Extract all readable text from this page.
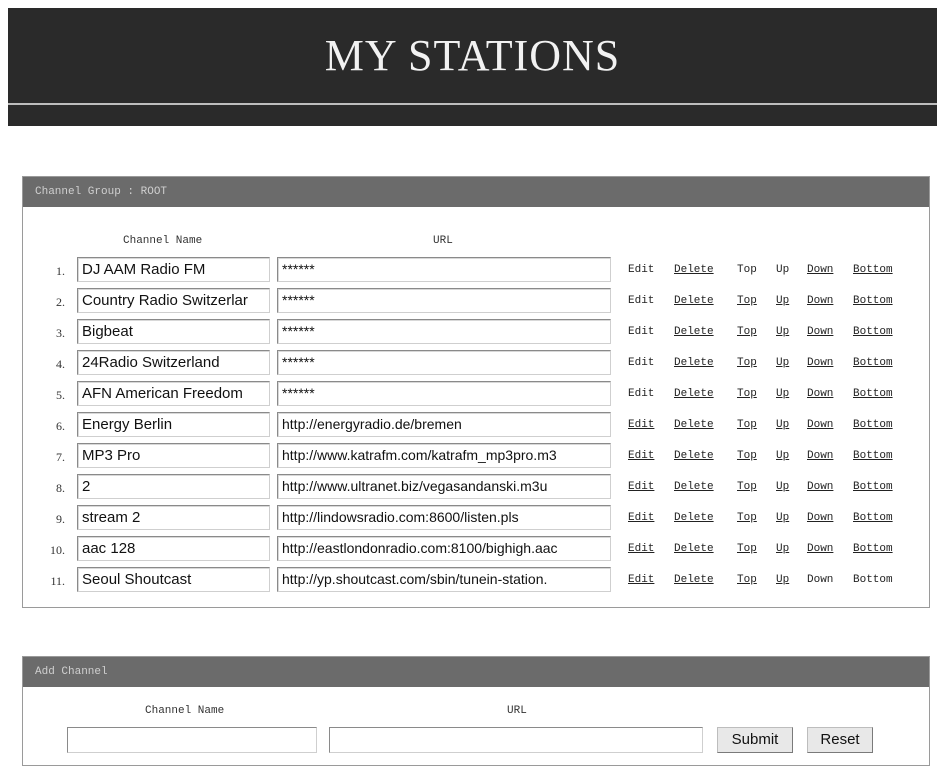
MY STATIONS
Channel Group : ROOT
Channel Name	URL
1.	DJ AAM Radio FM	******	Edit Delete Top Up Down Bottom
2.	Country Radio Switzerlar	******	Edit Delete Top Up Down Bottom
3.	Bigbeat	******	Edit Delete Top Up Down Bottom
4.	24Radio Switzerland	******	Edit Delete Top Up Down Bottom
5.	AFN American Freedom	******	Edit Delete Top Up Down Bottom
6.	Energy Berlin	http://energyradio.de/bremen	Edit Delete Top Up Down Bottom
7.	MP3 Pro	http://www.katrafm.com/katrafm_mp3pro.m3	Edit Delete Top Up Down Bottom
8.	2	http://www.ultranet.biz/vegasandanski.m3u	Edit Delete Top Up Down Bottom
9.	stream 2	http://lindowsradio.com:8600/listen.pls	Edit Delete Top Up Down Bottom
10.	aac 128	http://eastlondonradio.com:8100/bighigh.aac	Edit Delete Top Up Down Bottom
11.	Seoul Shoutcast	http://yp.shoutcast.com/sbin/tunein-station.	Edit Delete Top Up Down Bottom
Add Channel
Channel Name	URL
Submit	Reset
